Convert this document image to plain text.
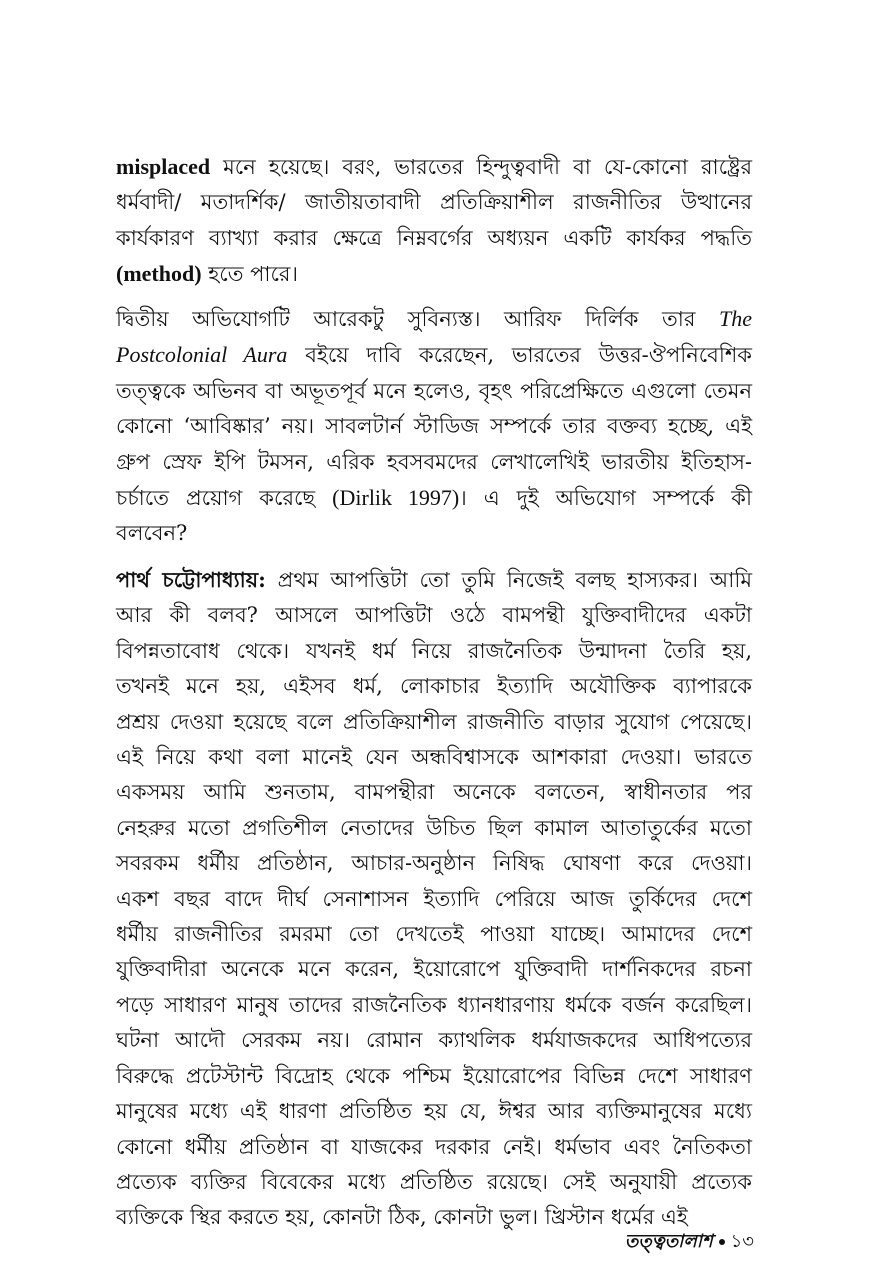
misplaced মনে হয়েছে। বরং, ভারতের হিন্দুত্ববাদী বা যে-কোনো রাষ্ট্রের
ধর্মবাদী/ মতাদর্শিক/ জাতীয়তাবাদী প্রতিক্রিয়াশীল রাজনীতির উত্থানের
কার্যকারণ ব্যাখ্যা করার ক্ষেত্রে নিম্নবর্গের অধ্যয়ন একটি কার্যকর পদ্ধতি
(method) হতে পারে।
দ্বিতীয় অভিযোগটি আরেকটু সুবিন্যস্ত। আরিফ দির্লিক তার The
Postcolonial Aura বইয়ে দাবি করেছেন, ভারতের উত্তর-ঔপনিবেশিক
তত্ত্বকে অভিনব বা অভূতপূর্ব মনে হলেও, বৃহৎ পরিপ্রেক্ষিতে এগুলো তেমন
কোনো ‘আবিষ্কার’ নয়। সাবলটার্ন স্টাডিজ সম্পর্কে তার বক্তব্য হচ্ছে, এই
গ্রুপ স্রেফ ইপি টমসন, এরিক হবসবমদের লেখালেখিই ভারতীয় ইতিহাস-
চর্চাতে প্রয়োগ করেছে (Dirlik 1997)। এ দুই অভিযোগ সম্পর্কে কী
বলবেন?
পার্থ চট্টোপাধ্যায়: প্রথম আপত্তিটা তো তুমি নিজেই বলছ হাস্যকর। আমি
আর কী বলব? আসলে আপত্তিটা ওঠে বামপন্থী যুক্তিবাদীদের একটা
বিপন্নতাবোধ থেকে। যখনই ধর্ম নিয়ে রাজনৈতিক উন্মাদনা তৈরি হয়,
তখনই মনে হয়, এইসব ধর্ম, লোকাচার ইত্যাদি অযৌক্তিক ব্যাপারকে
প্রশ্রয় দেওয়া হয়েছে বলে প্রতিক্রিয়াশীল রাজনীতি বাড়ার সুযোগ পেয়েছে।
এই নিয়ে কথা বলা মানেই যেন অন্ধবিশ্বাসকে আশকারা দেওয়া। ভারতে
একসময় আমি শুনতাম, বামপন্থীরা অনেকে বলতেন, স্বাধীনতার পর
নেহরুর মতো প্রগতিশীল নেতাদের উচিত ছিল কামাল আতাতুর্কের মতো
সবরকম ধর্মীয় প্রতিষ্ঠান, আচার-অনুষ্ঠান নিষিদ্ধ ঘোষণা করে দেওয়া।
একশ বছর বাদে দীর্ঘ সেনাশাসন ইত্যাদি পেরিয়ে আজ তুর্কিদের দেশে
ধর্মীয় রাজনীতির রমরমা তো দেখতেই পাওয়া যাচ্ছে। আমাদের দেশে
যুক্তিবাদীরা অনেকে মনে করেন, ইয়োরোপে যুক্তিবাদী দার্শনিকদের রচনা
পড়ে সাধারণ মানুষ তাদের রাজনৈতিক ধ্যানধারণায় ধর্মকে বর্জন করেছিল।
ঘটনা আদৌ সেরকম নয়। রোমান ক্যাথলিক ধর্মযাজকদের আধিপত্যের
বিরুদ্ধে প্রটেস্টান্ট বিদ্রোহ থেকে পশ্চিম ইয়োরোপের বিভিন্ন দেশে সাধারণ
মানুষের মধ্যে এই ধারণা প্রতিষ্ঠিত হয় যে, ঈশ্বর আর ব্যক্তিমানুষের মধ্যে
কোনো ধর্মীয় প্রতিষ্ঠান বা যাজকের দরকার নেই। ধর্মভাব এবং নৈতিকতা
প্রত্যেক ব্যক্তির বিবেকের মধ্যে প্রতিষ্ঠিত রয়েছে। সেই অনুযায়ী প্রত্যেক
ব্যক্তিকে স্থির করতে হয়, কোনটা ঠিক, কোনটা ভুল। খ্রিস্টান ধর্মের এই
তত্ত্বতালাশ ১৩
